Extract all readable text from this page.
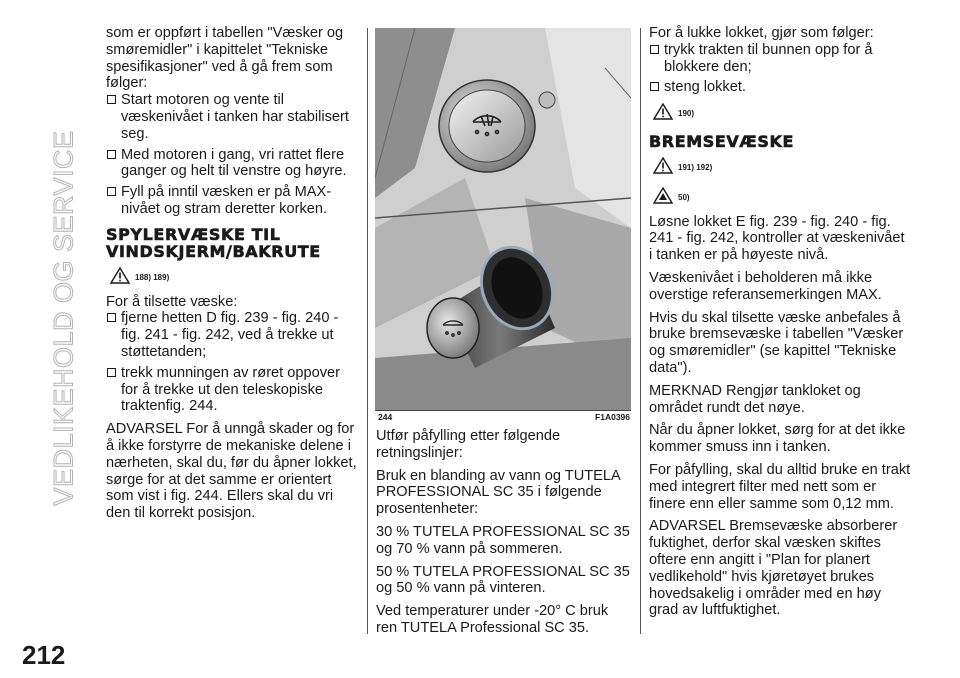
VEDLIKEHOLD OG SERVICE
212

som er oppført i tabellen "Væsker og smøremidler" i kapittelet "Tekniske spesifikasjoner" ved å gå frem som følger:

Start motoren og vente til væskenivået i tanken har stabilisert seg.
Med motoren i gang, vri rattet flere ganger og helt til venstre og høyre.
Fyll på inntil væsken er på MAX-nivået og stram deretter korken.
SPYLERVÆSKE TIL VINDSKJERM/BAKRUTE
188) 189)

For å tilsette væske:

fjerne hetten D fig. 239 - fig. 240 - fig. 241 - fig. 242, ved å trekke ut støttetanden;
trekk munningen av røret oppover for å trekke ut den teleskopiske traktenfig. 244.

ADVARSEL For å unngå skader og for å ikke forstyrre de mekaniske delene i nærheten, skal du, før du åpner lokket, sørge for at det samme er orientert som vist i fig. 244. Ellers skal du vri den til korrekt posisjon.

244	F1A0396

Utfør påfylling etter følgende retningslinjer:

Bruk en blanding av vann og TUTELA PROFESSIONAL SC 35 i følgende prosentenheter:

30 % TUTELA PROFESSIONAL SC 35 og 70 % vann på sommeren.

50 % TUTELA PROFESSIONAL SC 35 og 50 % vann på vinteren.

Ved temperaturer under -20° C bruk ren TUTELA Professional SC 35.

For å lukke lokket, gjør som følger:

trykk trakten til bunnen opp for å blokkere den;
steng lokket.
190)
BREMSEVÆSKE
191) 192)
50)

Løsne lokket E fig. 239 - fig. 240 - fig. 241 - fig. 242, kontroller at væskenivået i tanken er på høyeste nivå.

Væskenivået i beholderen må ikke overstige referansemerkingen MAX.

Hvis du skal tilsette væske anbefales å bruke bremsevæske i tabellen "Væsker og smøremidler" (se kapittel "Tekniske data").

MERKNAD Rengjør tankloket og området rundt det nøye.

Når du åpner lokket, sørg for at det ikke kommer smuss inn i tanken.

For påfylling, skal du alltid bruke en trakt med integrert filter med nett som er finere enn eller samme som 0,12 mm.

ADVARSEL Bremsevæske absorberer fuktighet, derfor skal væsken skiftes oftere enn angitt i "Plan for planert vedlikehold" hvis kjøretøyet brukes hovedsakelig i områder med en høy grad av luftfuktighet.
